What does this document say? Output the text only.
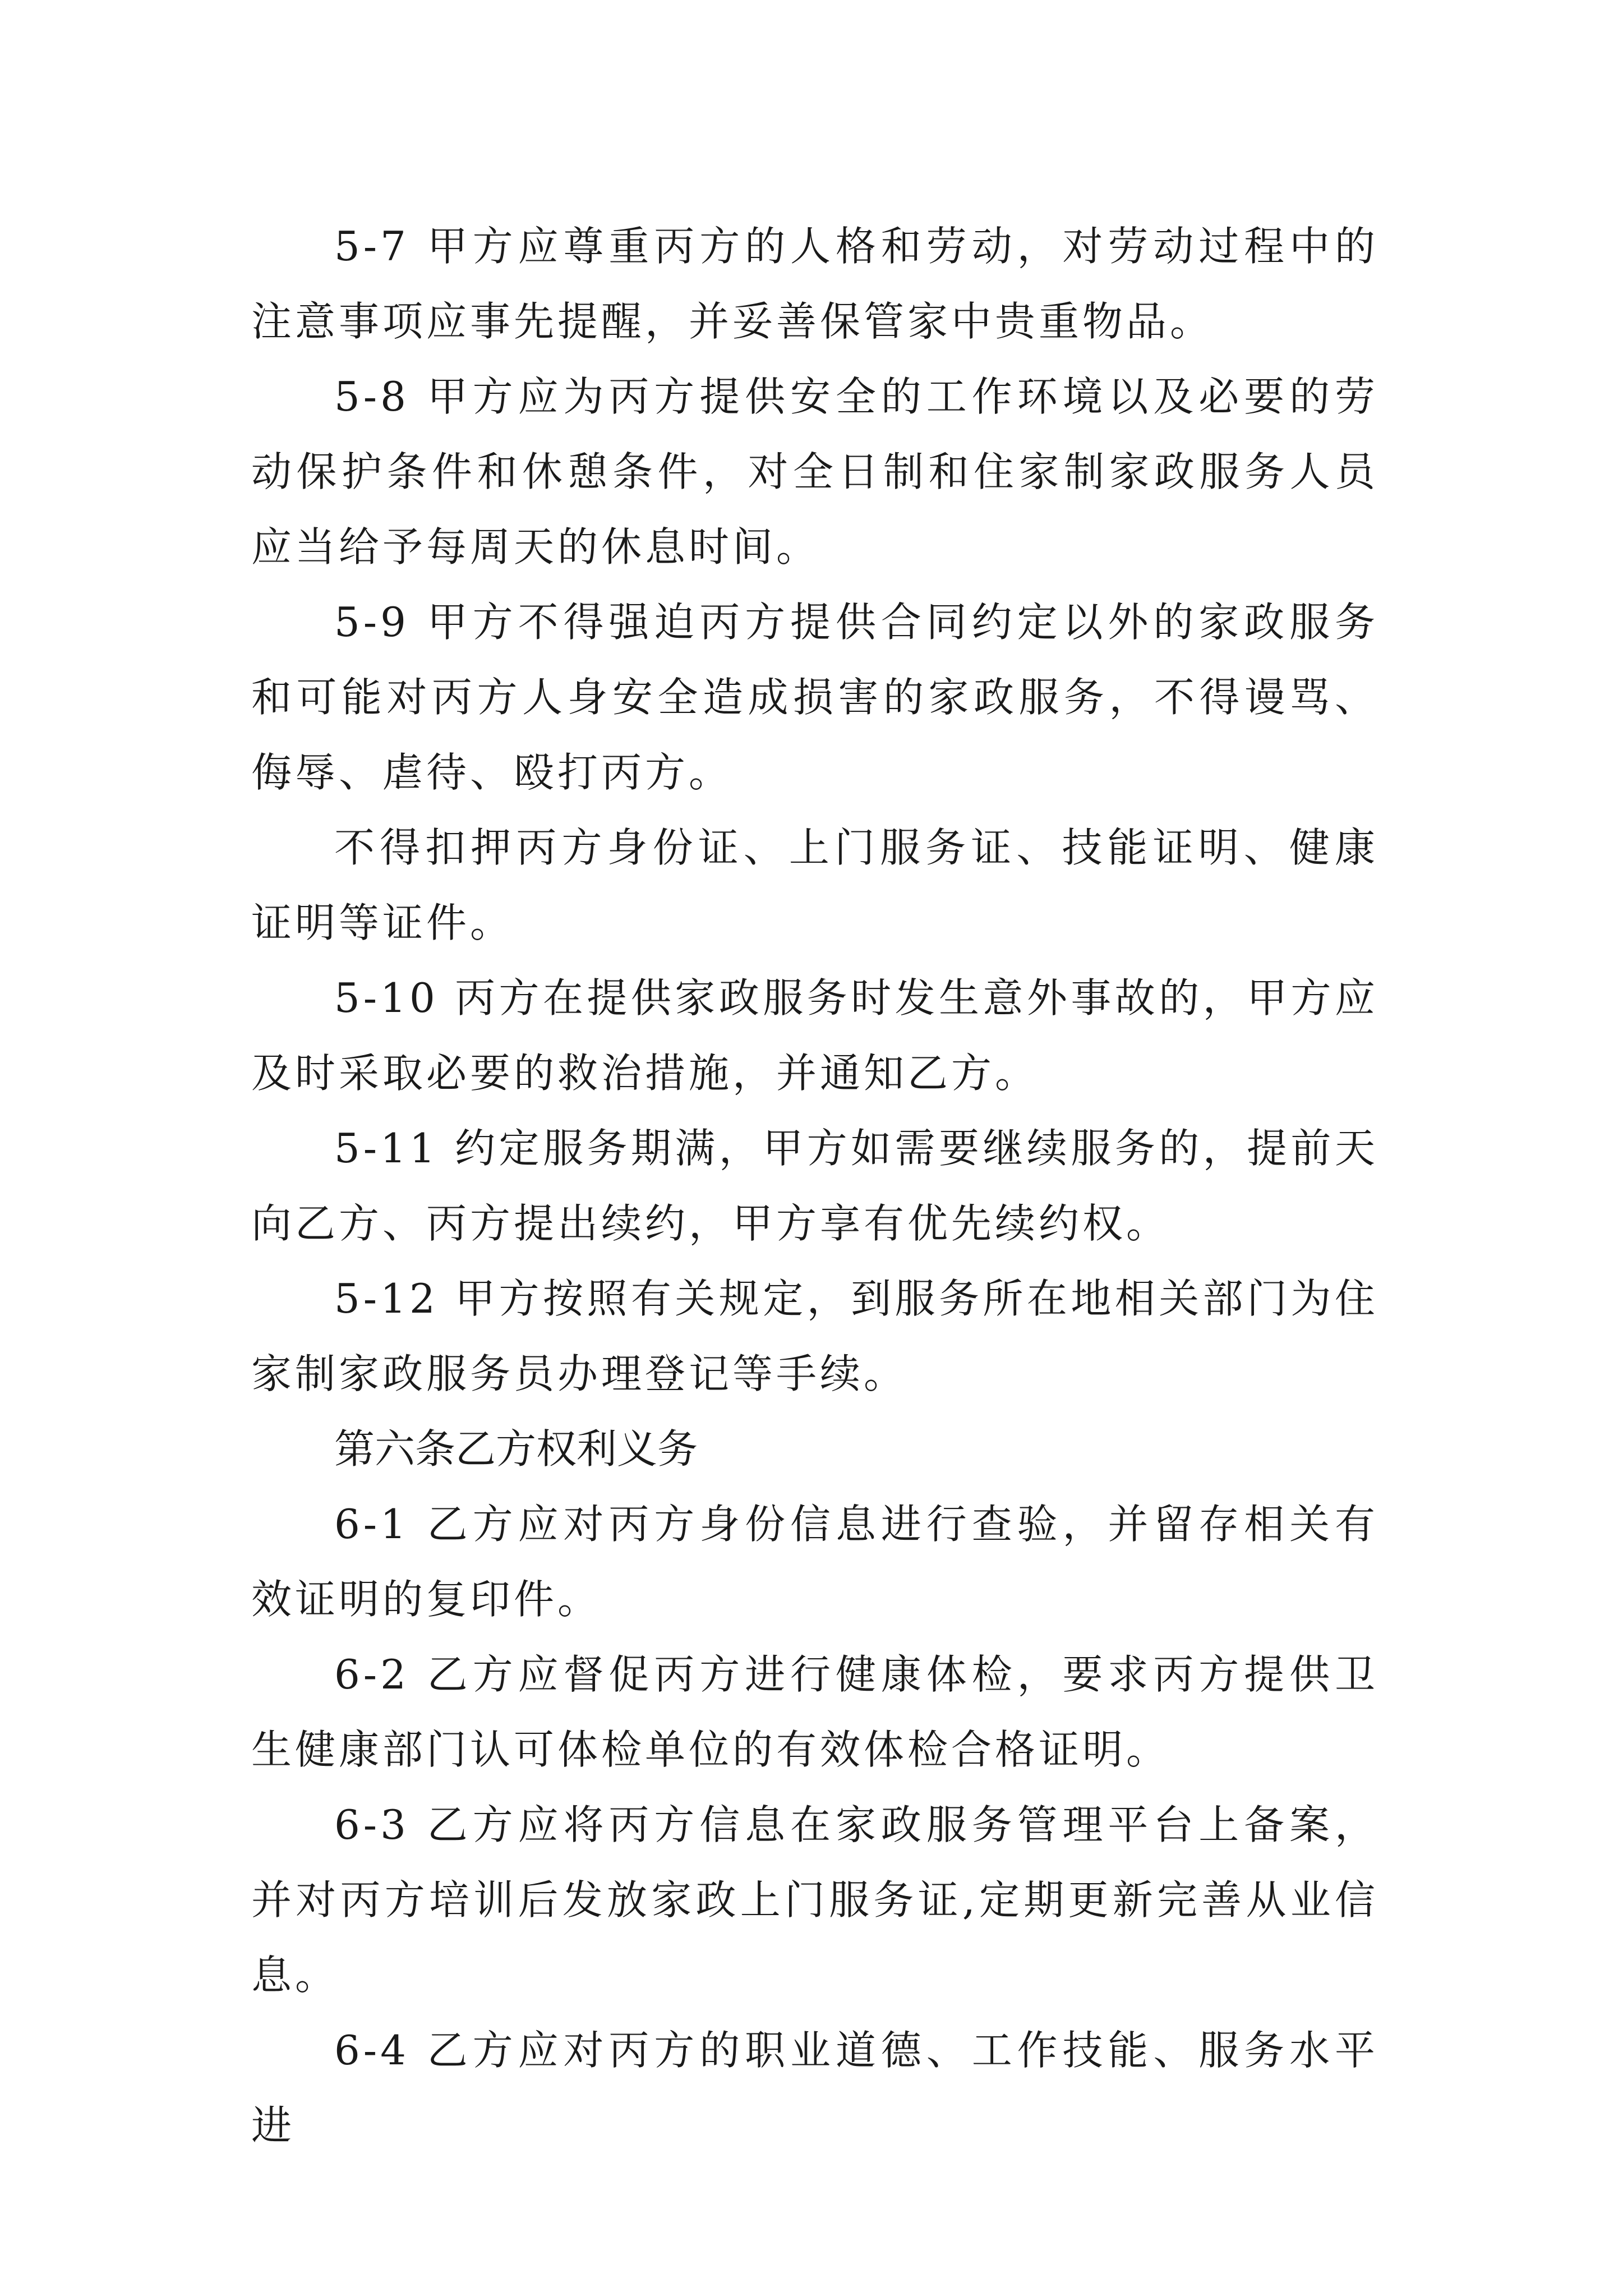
5-7 甲方应尊重丙方的人格和劳动，对劳动过程中的注意事项应事先提醒，并妥善保管家中贵重物品。

5-8 甲方应为丙方提供安全的工作环境以及必要的劳动保护条件和休憩条件，对全日制和住家制家政服务人员应当给予每周天的休息时间。

5-9 甲方不得强迫丙方提供合同约定以外的家政服务和可能对丙方人身安全造成损害的家政服务，不得谩骂、侮辱、虐待、殴打丙方。

不得扣押丙方身份证、上门服务证、技能证明、健康证明等证件。

5-10 丙方在提供家政服务时发生意外事故的，甲方应及时采取必要的救治措施，并通知乙方。

5-11 约定服务期满，甲方如需要继续服务的，提前天向乙方、丙方提出续约，甲方享有优先续约权。

5-12 甲方按照有关规定，到服务所在地相关部门为住家制家政服务员办理登记等手续。

第六条乙方权利义务

6-1 乙方应对丙方身份信息进行查验，并留存相关有效证明的复印件。

6-2 乙方应督促丙方进行健康体检，要求丙方提供卫生健康部门认可体检单位的有效体检合格证明。

6-3 乙方应将丙方信息在家政服务管理平台上备案，并对丙方培训后发放家政上门服务证,定期更新完善从业信息。

6-4 乙方应对丙方的职业道德、工作技能、服务水平进
